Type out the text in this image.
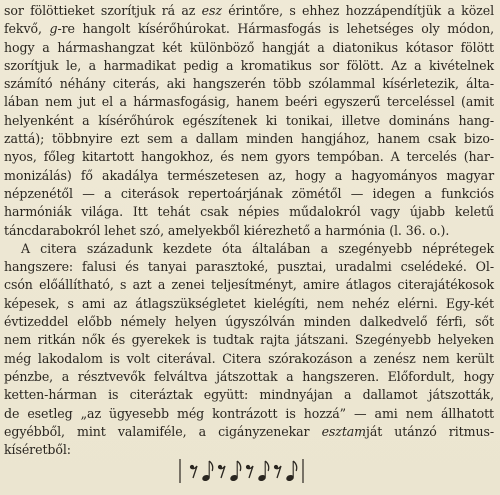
sor fölöttieket szorítjuk rá az esz érintőre, s ehhez hozzápendítjük a közel
fekvő, g-re hangolt kísérőhúrokat. Hármasfogás is lehetséges oly módon,
hogy a hármashangzat két különböző hangját a diatonikus kótasor fölött
szorítjuk le, a harmadikat pedig a kromatikus sor fölött. Az a kivételnek
számító néhány citerás, aki hangszerén több szólammal kísérletezik, álta-
lában nem jut el a hármasfogásig, hanem beéri egyszerű terceléssel (amit
helyenként a kísérőhúrok egészítenek ki tonikai, illetve domináns hang-
zattá); többnyire ezt sem a dallam minden hangjához, hanem csak bizo-
nyos, főleg kitartott hangokhoz, és nem gyors tempóban. A tercelés (har-
monizálás) fő akadálya természetesen az, hogy a hagyományos magyar
népzenétől — a citerások repertoárjának zömétől — idegen a funkciós
harmóniák világa. Itt tehát csak népies műdalokról vagy újabb keletű
táncdarabokról lehet szó, amelyekből kiérezhető a harmónia (l. 36. o.).
A citera századunk kezdete óta általában a szegényebb néprétegek
hangszere: falusi és tanyai parasztoké, pusztai, uradalmi cselédeké. Ol-
csón előállítható, s azt a zenei teljesítményt, amire átlagos citerajátékosok
képesek, s ami az átlagszükségletet kielégíti, nem nehéz elérni. Egy-két
évtizeddel előbb némely helyen úgyszólván minden dalkedvelő férfi, sőt
nem ritkán nők és gyerekek is tudtak rajta játszani. Szegényebb helyeken
még lakodalom is volt citerával. Citera szórakozáson a zenész nem került
pénzbe, a résztvevők felváltva játszottak a hangszeren. Előfordult, hogy
ketten-hárman is citeráztak együtt: mindnyájan a dallamot játszották,
de esetleg „az ügyesebb még kontrázott is hozzá” — ami nem állhatott
egyébből, mint valamiféle, a cigányzenekar esztamját utánzó ritmus-
kíséretből:
